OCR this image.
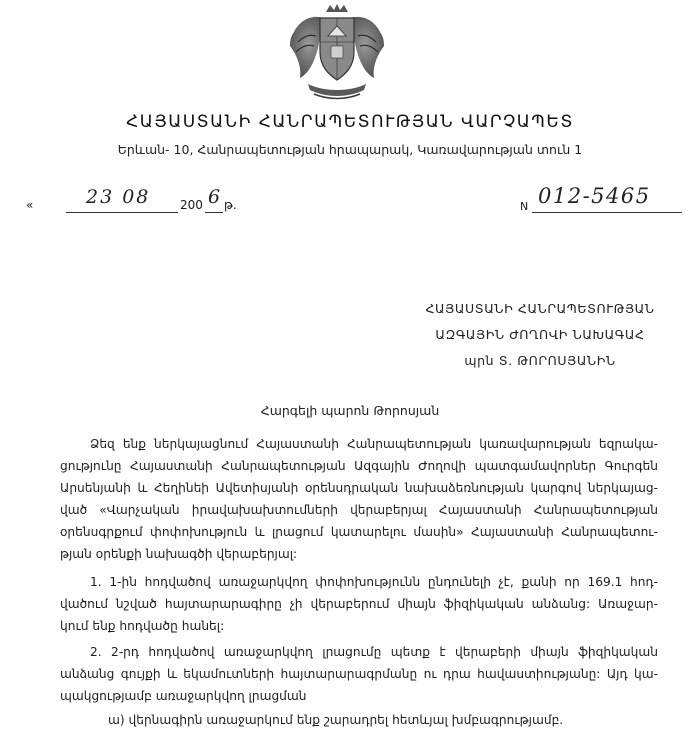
ՀԱՅԱՍՏԱՆԻ ՀԱՆՐԱՊԵՏՈՒԹՅԱՆ ՎԱՐՉԱՊԵՏ
Երևան- 10, Հանրապետության հրապարակ, Կառավարության տուն 1
«	23 08 200 6 թ.	N 012-5465
ՀԱՅԱՍՏԱՆԻ ՀԱՆՐԱՊԵՏՈՒԹՅԱՆ
ԱԶԳԱՅԻՆ ԺՈՂՈՎԻ ՆԱԽԱԳԱՀ
պրն Տ. ԹՈՐՈՍՅԱՆԻՆ
Հարգելի պարոն Թորոսյան
Ձեզ ենք ներկայացնում Հայաստանի Հանրապետության կառավարության եզրակա-
ցությունը Հայաստանի Հանրապետության Ազգային Ժողովի պատգամավորներ Գուրգեն
Արսենյանի և Հեղինեի Ավետիսյանի օրենսդրական նախաձեռնության կարգով ներկայաց-
ված «Վարչական իրավախախտումների վերաբերյալ Հայաստանի Հանրապետության
օրենսգրքում փոփոխություն և լրացում կատարելու մասին» Հայաստանի Հանրապետու-
թյան օրենքի նախագծի վերաբերյալ:
1. 1-ին հոդվածով առաջարկվող փոփոխությունն ընդունելի չէ, քանի որ 169.1 հոդ-
վածում նշված հայտարարագիրը չի վերաբերում միայն ֆիզիկական անձանց: Առաջար-
կում ենք հոդվածը հանել:
2. 2-րդ հոդվածով առաջարկվող լրացումը պետք է վերաբերի միայն ֆիզիկական
անձանց գույքի և եկամուտների հայտարարագրմանը ու դրա հավաստիությանը: Այդ կա-
պակցությամբ առաջարկվող լրացման
ա) վերնագիրն առաջարկում ենք շարադրել հետևյալ խմբագրությամբ.
